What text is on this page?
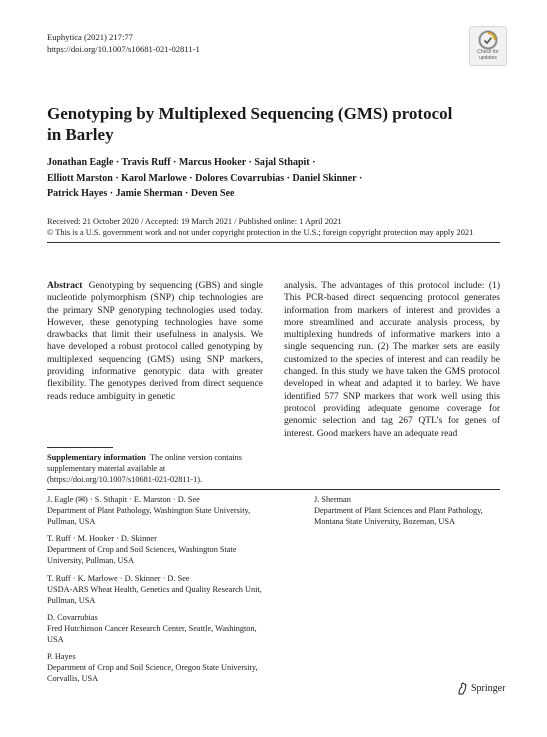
Euphytica (2021) 217:77
https://doi.org/10.1007/s10681-021-02811-1	Check for
updates
Genotyping by Multiplexed Sequencing (GMS) protocol
in Barley
Jonathan Eagle · Travis Ruff · Marcus Hooker · Sajal Sthapit ·
Elliott Marston · Karol Marlowe · Dolores Covarrubias · Daniel Skinner ·
Patrick Hayes · Jamie Sherman · Deven See
Received: 21 October 2020 / Accepted: 19 March 2021 / Published online: 1 April 2021
© This is a U.S. government work and not under copyright protection in the U.S.; foreign copyright protection may apply 2021

Abstract Genotyping by sequencing (GBS) and single nucleotide polymorphism (SNP) chip technologies are the primary SNP genotyping technologies used today. However, these genotyping technologies have some drawbacks that limit their usefulness in analysis. We have developed a robust protocol called genotyping by multiplexed sequencing (GMS) using SNP markers, providing informative genotypic data with greater flexibility. The genotypes derived from direct sequence reads reduce ambiguity in genetic

analysis. The advantages of this protocol include: (1) This PCR-based direct sequencing protocol generates information from markers of interest and provides a more streamlined and accurate analysis process, by multiplexing hundreds of informative markers into a single sequencing run. (2) The marker sets are easily customized to the species of interest and can readily be changed. In this study we have taken the GMS protocol developed in wheat and adapted it to barley. We have identified 577 SNP markers that work well using this protocol providing adequate genome coverage for genomic selection and tag 267 QTL’s for genes of interest. Good markers have an adequate read

Supplementary information The online version contains supplementary material available at (https://doi.org/10.1007/s10681-021-02811-1).

J. Eagle (✉) · S. Sthapit · E. Marston · D. See

Department of Plant Pathology, Washington State University, Pullman, USA

T. Ruff · M. Hooker · D. Skinner

Department of Crop and Soil Sciences, Washington State University, Pullman, USA

T. Ruff · K. Marlowe · D. Skinner · D. See

USDA-ARS Wheat Health, Genetics and Quality Research Unit, Pullman, USA

D. Covarrubias

Fred Hutchinson Cancer Research Center, Seattle, Washington, USA

P. Hayes

Department of Crop and Soil Science, Oregon State University, Corvallis, USA

J. Sherman

Department of Plant Sciences and Plant Pathology, Montana State University, Bozeman, USA

Springer
